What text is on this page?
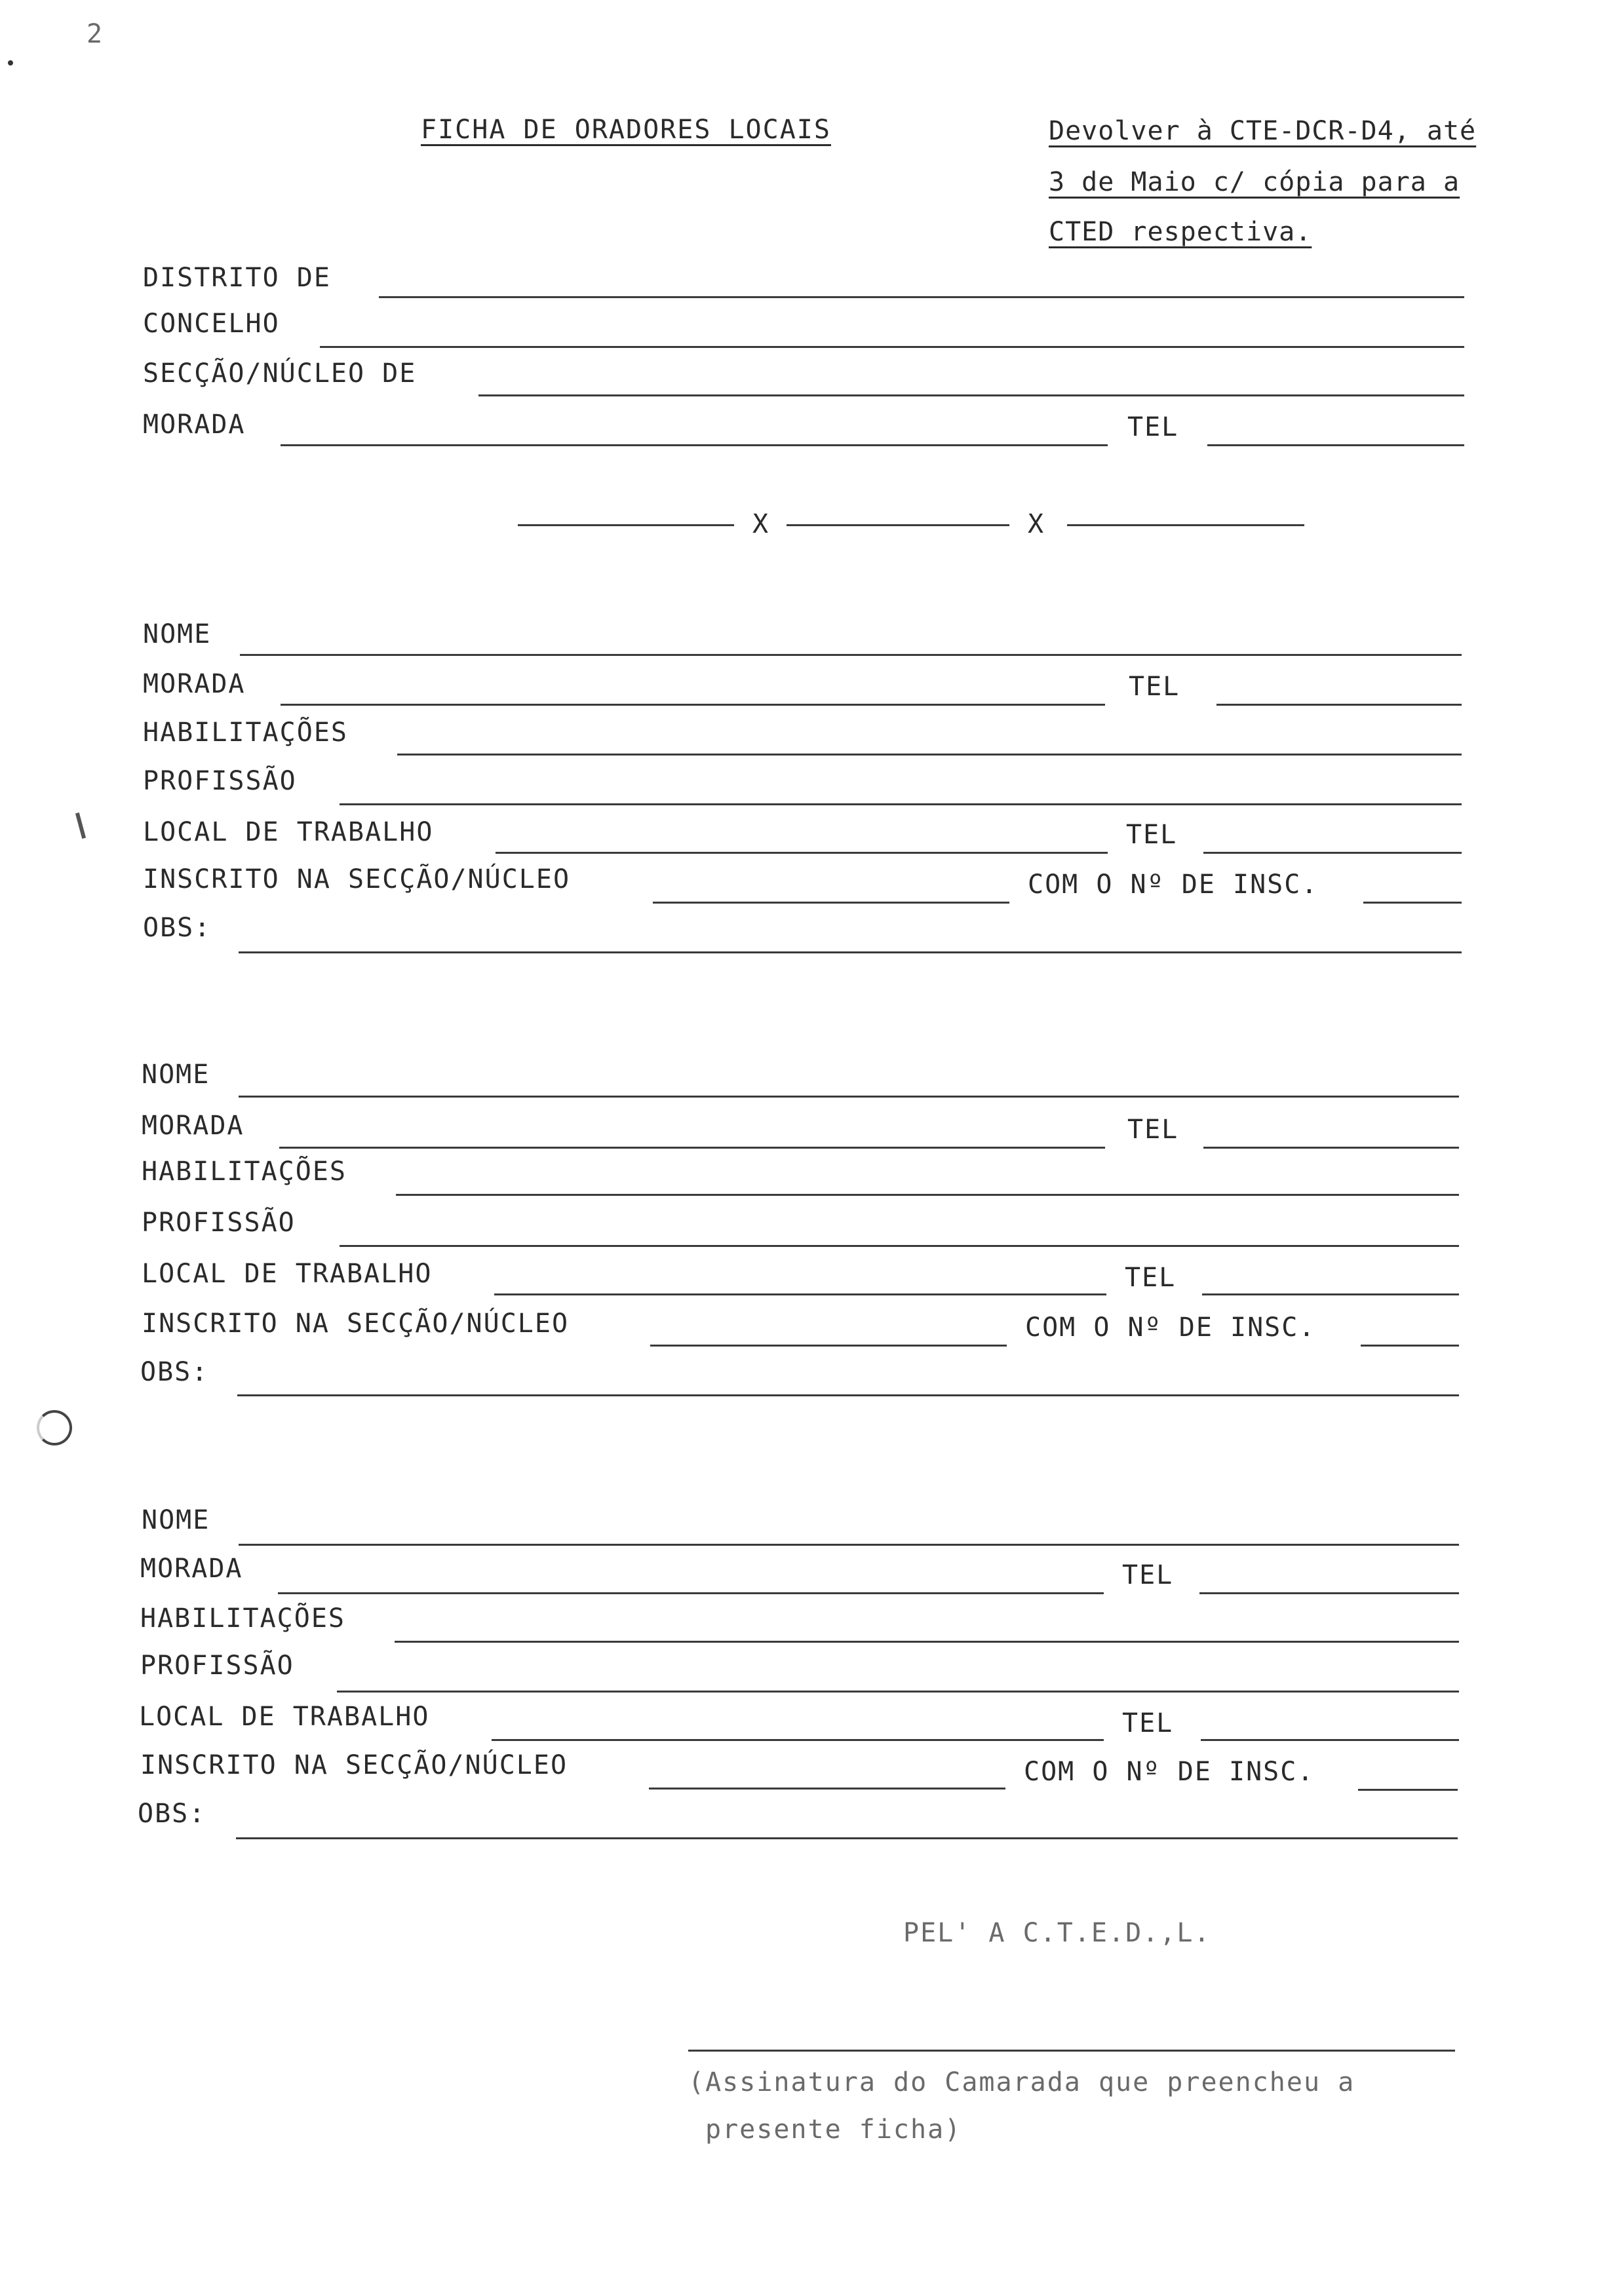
2
FICHA DE ORADORES LOCAIS	Devolver à CTE-DCR-D4, até
3 de Maio c/ cópia para a
CTED respectiva.
DISTRITO DE
CONCELHO
SECÇÃO/NÚCLEO DE
MORADA	TEL
X	X
NOME
MORADA	TEL
HABILITAÇÕES
PROFISSÃO
LOCAL DE TRABALHO	TEL
INSCRITO NA SECÇÃO/NÚCLEO	COM O Nº DE INSC.
OBS:
NOME
MORADA	TEL
HABILITAÇÕES
PROFISSÃO
LOCAL DE TRABALHO	TEL
INSCRITO NA SECÇÃO/NÚCLEO	COM O Nº DE INSC.
OBS:
NOME
MORADA	TEL
HABILITAÇÕES
PROFISSÃO
LOCAL DE TRABALHO	TEL
INSCRITO NA SECÇÃO/NÚCLEO	COM O Nº DE INSC.
OBS:
PEL' A C.T.E.D.,L.
(Assinatura do Camarada que preencheu a
presente ficha)
